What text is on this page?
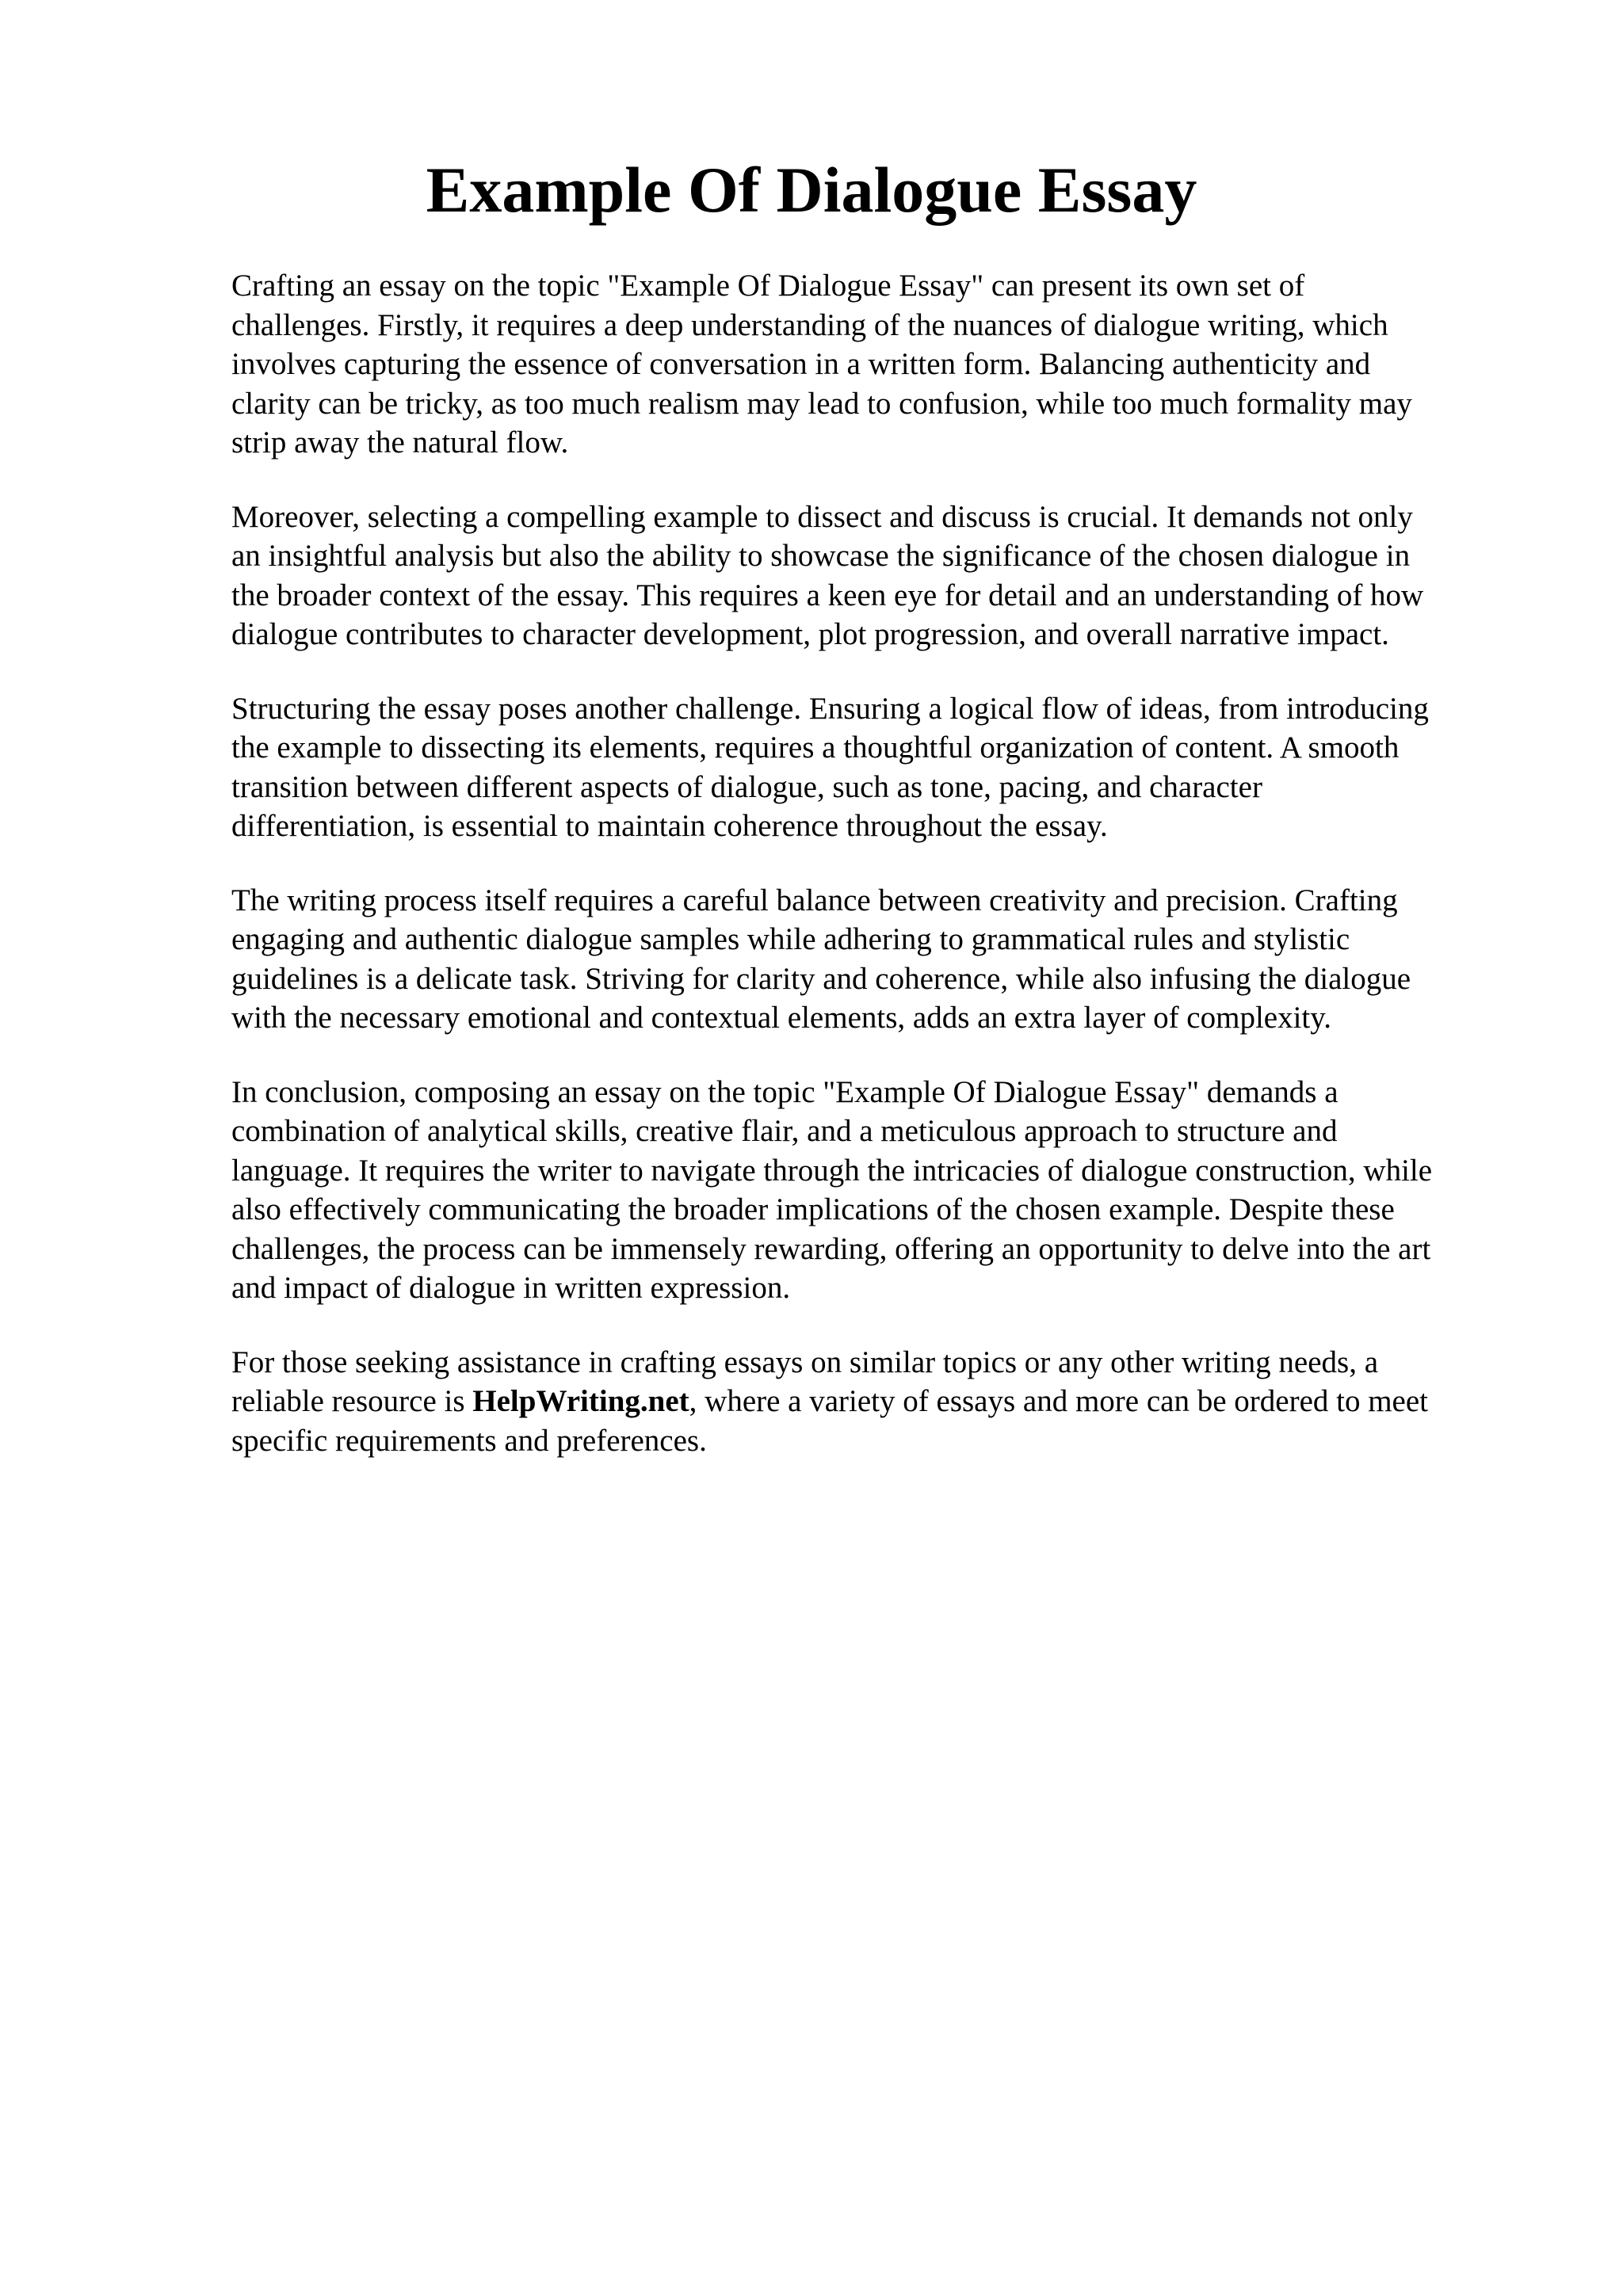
Example Of Dialogue Essay

Crafting an essay on the topic "Example Of Dialogue Essay" can present its own set of
challenges. Firstly, it requires a deep understanding of the nuances of dialogue writing, which
involves capturing the essence of conversation in a written form. Balancing authenticity and
clarity can be tricky, as too much realism may lead to confusion, while too much formality may
strip away the natural flow.

Moreover, selecting a compelling example to dissect and discuss is crucial. It demands not only
an insightful analysis but also the ability to showcase the significance of the chosen dialogue in
the broader context of the essay. This requires a keen eye for detail and an understanding of how
dialogue contributes to character development, plot progression, and overall narrative impact.

Structuring the essay poses another challenge. Ensuring a logical flow of ideas, from introducing
the example to dissecting its elements, requires a thoughtful organization of content. A smooth
transition between different aspects of dialogue, such as tone, pacing, and character
differentiation, is essential to maintain coherence throughout the essay.

The writing process itself requires a careful balance between creativity and precision. Crafting
engaging and authentic dialogue samples while adhering to grammatical rules and stylistic
guidelines is a delicate task. Striving for clarity and coherence, while also infusing the dialogue
with the necessary emotional and contextual elements, adds an extra layer of complexity.

In conclusion, composing an essay on the topic "Example Of Dialogue Essay" demands a
combination of analytical skills, creative flair, and a meticulous approach to structure and
language. It requires the writer to navigate through the intricacies of dialogue construction, while
also effectively communicating the broader implications of the chosen example. Despite these
challenges, the process can be immensely rewarding, offering an opportunity to delve into the art
and impact of dialogue in written expression.

For those seeking assistance in crafting essays on similar topics or any other writing needs, a
reliable resource is HelpWriting.net, where a variety of essays and more can be ordered to meet
specific requirements and preferences.
